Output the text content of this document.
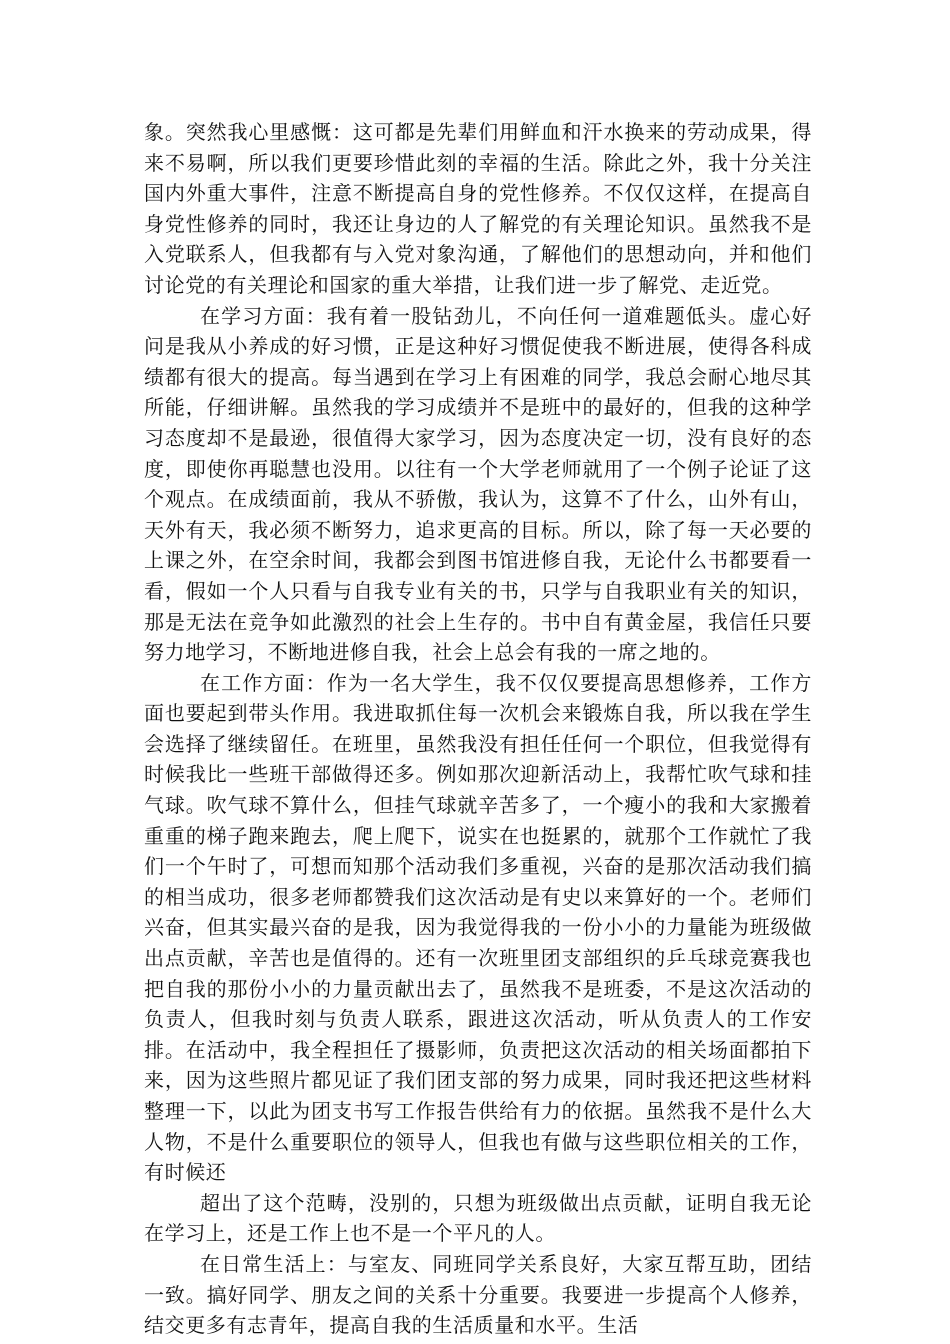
象。突然我心里感慨：这可都是先辈们用鲜血和汗水换来的劳动成果，得来不易啊，所以我们更要珍惜此刻的幸福的生活。除此之外，我十分关注国内外重大事件，注意不断提高自身的党性修养。不仅仅这样，在提高自身党性修养的同时，我还让身边的人了解党的有关理论知识。虽然我不是入党联系人，但我都有与入党对象沟通，了解他们的思想动向，并和他们讨论党的有关理论和国家的重大举措，让我们进一步了解党、走近党。

在学习方面：我有着一股钻劲儿，不向任何一道难题低头。虚心好问是我从小养成的好习惯，正是这种好习惯促使我不断进展，使得各科成绩都有很大的提高。每当遇到在学习上有困难的同学，我总会耐心地尽其所能，仔细讲解。虽然我的学习成绩并不是班中的最好的，但我的这种学习态度却不是最逊，很值得大家学习，因为态度决定一切，没有良好的态度，即使你再聪慧也没用。以往有一个大学老师就用了一个例子论证了这个观点。在成绩面前，我从不骄傲，我认为，这算不了什么，山外有山，天外有天，我必须不断努力，追求更高的目标。所以，除了每一天必要的上课之外，在空余时间，我都会到图书馆进修自我，无论什么书都要看一看，假如一个人只看与自我专业有关的书，只学与自我职业有关的知识，那是无法在竞争如此激烈的社会上生存的。书中自有黄金屋，我信任只要努力地学习，不断地进修自我，社会上总会有我的一席之地的。

在工作方面：作为一名大学生，我不仅仅要提高思想修养，工作方面也要起到带头作用。我进取抓住每一次机会来锻炼自我，所以我在学生会选择了继续留任。在班里，虽然我没有担任任何一个职位，但我觉得有时候我比一些班干部做得还多。例如那次迎新活动上，我帮忙吹气球和挂气球。吹气球不算什么，但挂气球就辛苦多了，一个瘦小的我和大家搬着重重的梯子跑来跑去，爬上爬下，说实在也挺累的，就那个工作就忙了我们一个午时了，可想而知那个活动我们多重视，兴奋的是那次活动我们搞的相当成功，很多老师都赞我们这次活动是有史以来算好的一个。老师们兴奋，但其实最兴奋的是我，因为我觉得我的一份小小的力量能为班级做出点贡献，辛苦也是值得的。还有一次班里团支部组织的乒乓球竞赛我也把自我的那份小小的力量贡献出去了，虽然我不是班委，不是这次活动的负责人，但我时刻与负责人联系，跟进这次活动，听从负责人的工作安排。在活动中，我全程担任了摄影师，负责把这次活动的相关场面都拍下来，因为这些照片都见证了我们团支部的努力成果，同时我还把这些材料整理一下，以此为团支书写工作报告供给有力的依据。虽然我不是什么大人物，不是什么重要职位的领导人，但我也有做与这些职位相关的工作，有时候还

超出了这个范畴，没别的，只想为班级做出点贡献，证明自我无论在学习上，还是工作上也不是一个平凡的人。

在日常生活上：与室友、同班同学关系良好，大家互帮互助，团结一致。搞好同学、朋友之间的关系十分重要。我要进一步提高个人修养，结交更多有志青年，提高自我的生活质量和水平。生活
